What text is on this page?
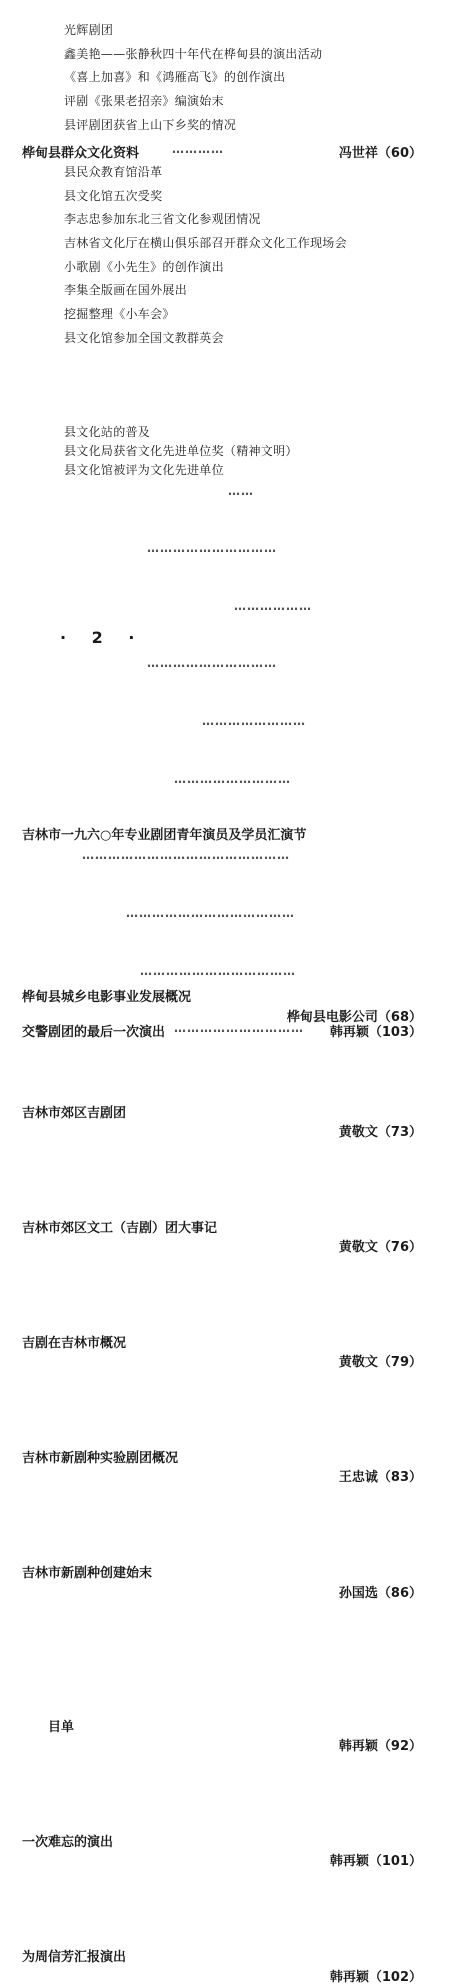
光辉剧团
鑫美艳——张静秋四十年代在桦甸县的演出活动
《喜上加喜》和《鸿雁高飞》的创作演出
评剧《张果老招亲》编演始末
县评剧团获省上山下乡奖的情况
桦甸县群众文化资料	…………	冯世祥（60）
县民众教育馆沿革
县文化馆五次受奖
李志忠参加东北三省文化参观团情况
吉林省文化厅在横山俱乐部召开群众文化工作现场会
小歌剧《小先生》的创作演出
李集全版画在国外展出
挖掘整理《小车会》
县文化馆参加全国文教群英会
县文化站的普及
县文化局获省文化先进单位奖（精神文明）
县文化馆被评为文化先进单位
桦甸县城乡电影事业发展概况
……
桦甸县电影公司（68）
吉林市郊区吉剧团
…………………………
黄敬文（73）
吉林市郊区文工（吉剧）团大事记
………………
黄敬文（76）
吉剧在吉林市概况
…………………………
黄敬文（79）
吉林市新剧种实验剧团概况
……………………
王忠诚（83）
吉林市新剧种创建始末
………………………
孙国选（86）
吉林市一九六○年专业剧团青年演员及学员汇演节
目单
…………………………………………
韩再颖（92）
一次难忘的演出
…………………………………
韩再颖（101）
为周信芳汇报演出
………………………………
韩再颖（102）
交警剧团的最后一次演出 ………………………… 韩再颖（103）
· 2 ·
